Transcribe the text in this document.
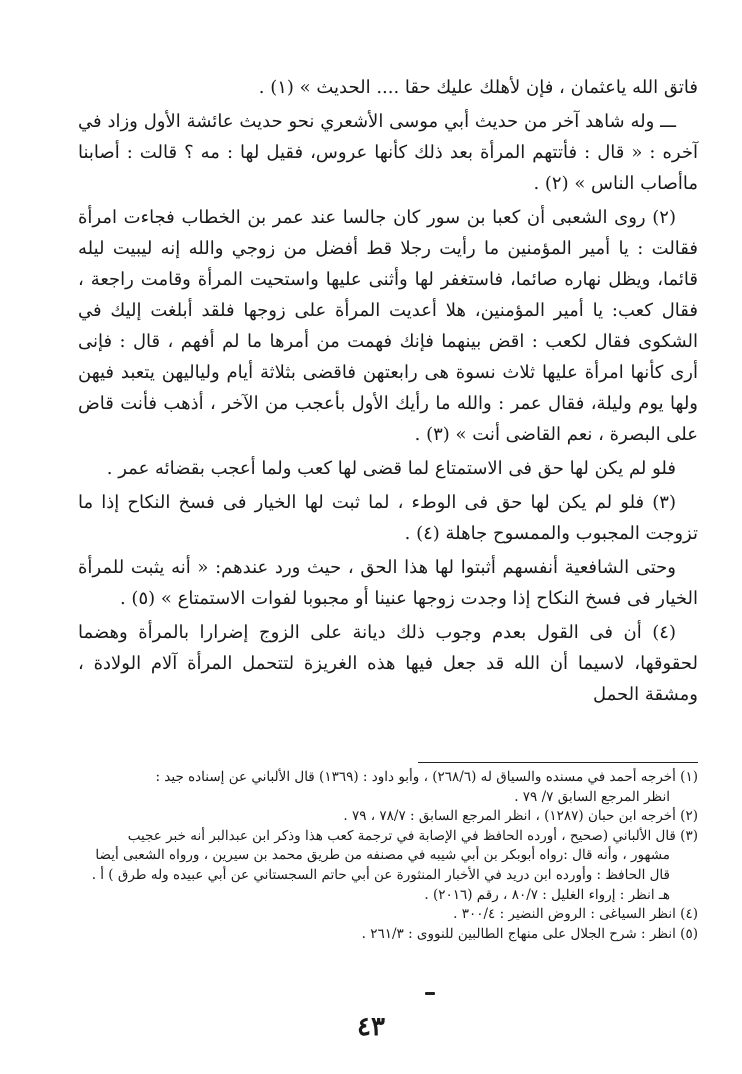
فاتق الله ياعثمان ، فإن لأهلك عليك حقا .... الحديث » (١) .

ـــ وله شاهد آخر من حديث أبي موسى الأشعري نحو حديث عائشة الأول وزاد في آخره : « قال : فأتتهم المرأة بعد ذلك كأنها عروس، فقيل لها : مه ؟ قالت : أصابنا ماأصاب الناس » (٢) .

(٢) روى الشعبى أن كعبا بن سور كان جالسا عند عمر بن الخطاب فجاءت امرأة فقالت : يا أمير المؤمنين ما رأيت رجلا قط أفضل من زوجي والله إنه ليبيت ليله قائما، ويظل نهاره صائما، فاستغفر لها وأثنى عليها واستحيت المرأة وقامت راجعة ، فقال كعب: يا أمير المؤمنين، هلا أعديت المرأة على زوجها فلقد أبلغت إليك في الشكوى فقال لكعب : اقض بينهما فإنك فهمت من أمرها ما لم أفهم ، قال : فإنى أرى كأنها امرأة عليها ثلاث نسوة هى رابعتهن فاقضى بثلاثة أيام ولياليهن يتعبد فيهن ولها يوم وليلة، فقال عمر : والله ما رأيك الأول بأعجب من الآخر ، أذهب فأنت قاض على البصرة ، نعم القاضى أنت » (٣) .

فلو لم يكن لها حق فى الاستمتاع لما قضى لها كعب ولما أعجب بقضائه عمر .

(٣) فلو لم يكن لها حق فى الوطء ، لما ثبت لها الخيار فى فسخ النكاح إذا ما تزوجت المجبوب والممسوح جاهلة (٤) .

وحتى الشافعية أنفسهم أثبتوا لها هذا الحق ، حيث ورد عندهم: « أنه يثبت للمرأة الخيار فى فسخ النكاح إذا وجدت زوجها عنينا أو مجبوبا لفوات الاستمتاع » (٥) .

(٤) أن فى القول بعدم وجوب ذلك ديانة على الزوج إضرارا بالمرأة وهضما لحقوقها، لاسيما أن الله قد جعل فيها هذه الغريزة لتتحمل المرأة آلام الولادة ، ومشقة الحمل

(١) أخرجه أحمد في مسنده والسياق له (٢٦٨/٦) ، وأبو داود : (١٣٦٩) قال الألباني عن إسناده جيد :

انظر المرجع السابق ٧/ ٧٩ .

(٢) أخرجه ابن حبان (١٢٨٧) ، انظر المرجع السابق : ٧٨/٧ ، ٧٩ .

(٣) قال الألباني (صحيح ، أورده الحافظ في الإصابة في ترجمة كعب هذا وذكر ابن عبدالبر أنه خبر عجيب

مشهور ، وأنه قال :رواه أبوبكر بن أبي شيبه في مصنفه من طريق محمد بن سيرين ، ورواه الشعبى أيضا

قال الحافظ : وأورده ابن دريد في الأخبار المنثورة عن أبي حاتم السجستاني عن أبي عبيده وله طرق ) أ .

هـ انظر : إرواء الغليل : ٨٠/٧ ، رقم (٢٠١٦) .

(٤) انظر السياغى : الروض النضير : ٣٠٠/٤ .

(٥) انظر : شرح الجلال على منهاج الطالبين للنووى : ٢٦١/٣ .

٤٣
